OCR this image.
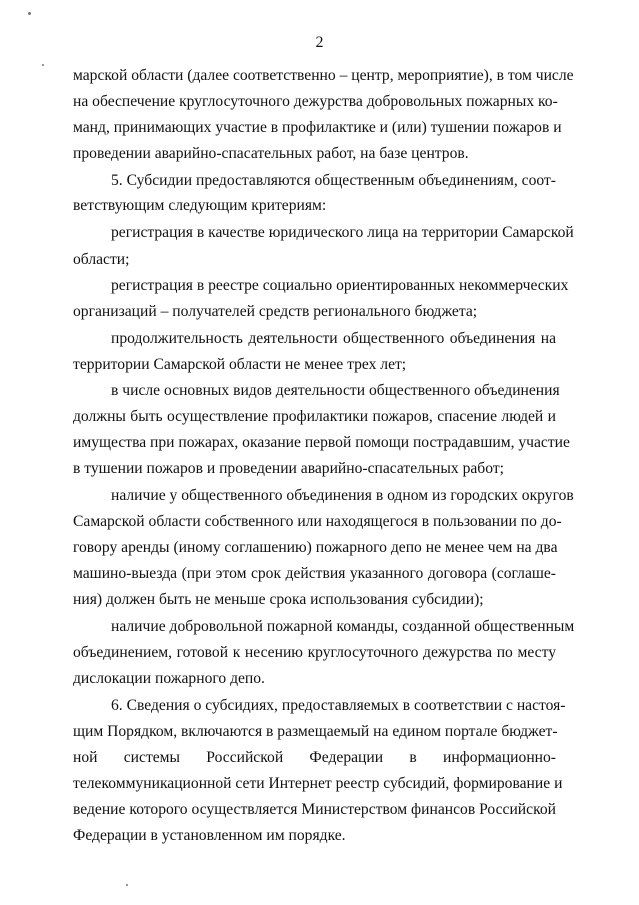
2
марской области (далее соответственно – центр, мероприятие), в том числе
на обеспечение круглосуточного дежурства добровольных пожарных ко-
манд, принимающих участие в профилактике и (или) тушении пожаров и
проведении аварийно-спасательных работ, на базе центров.
5. Субсидии предоставляются общественным объединениям, соот-
ветствующим следующим критериям:
регистрация в качестве юридического лица на территории Самарской
области;
регистрация в реестре социально ориентированных некоммерческих
организаций – получателей средств регионального бюджета;
продолжительность деятельности общественного объединения на
территории Самарской области не менее трех лет;
в числе основных видов деятельности общественного объединения
должны быть осуществление профилактики пожаров, спасение людей и
имущества при пожарах, оказание первой помощи пострадавшим, участие
в тушении пожаров и проведении аварийно-спасательных работ;
наличие у общественного объединения в одном из городских округов
Самарской области собственного или находящегося в пользовании по до-
говору аренды (иному соглашению) пожарного депо не менее чем на два
машино-выезда (при этом срок действия указанного договора (соглаше-
ния) должен быть не меньше срока использования субсидии);
наличие добровольной пожарной команды, созданной общественным
объединением, готовой к несению круглосуточного дежурства по месту
дислокации пожарного депо.
6. Сведения о субсидиях, предоставляемых в соответствии с настоя-
щим Порядком, включаются в размещаемый на едином портале бюджет-
ной системы Российской Федерации в информационно-
телекоммуникационной сети Интернет реестр субсидий, формирование и
ведение которого осуществляется Министерством финансов Российской
Федерации в установленном им порядке.
